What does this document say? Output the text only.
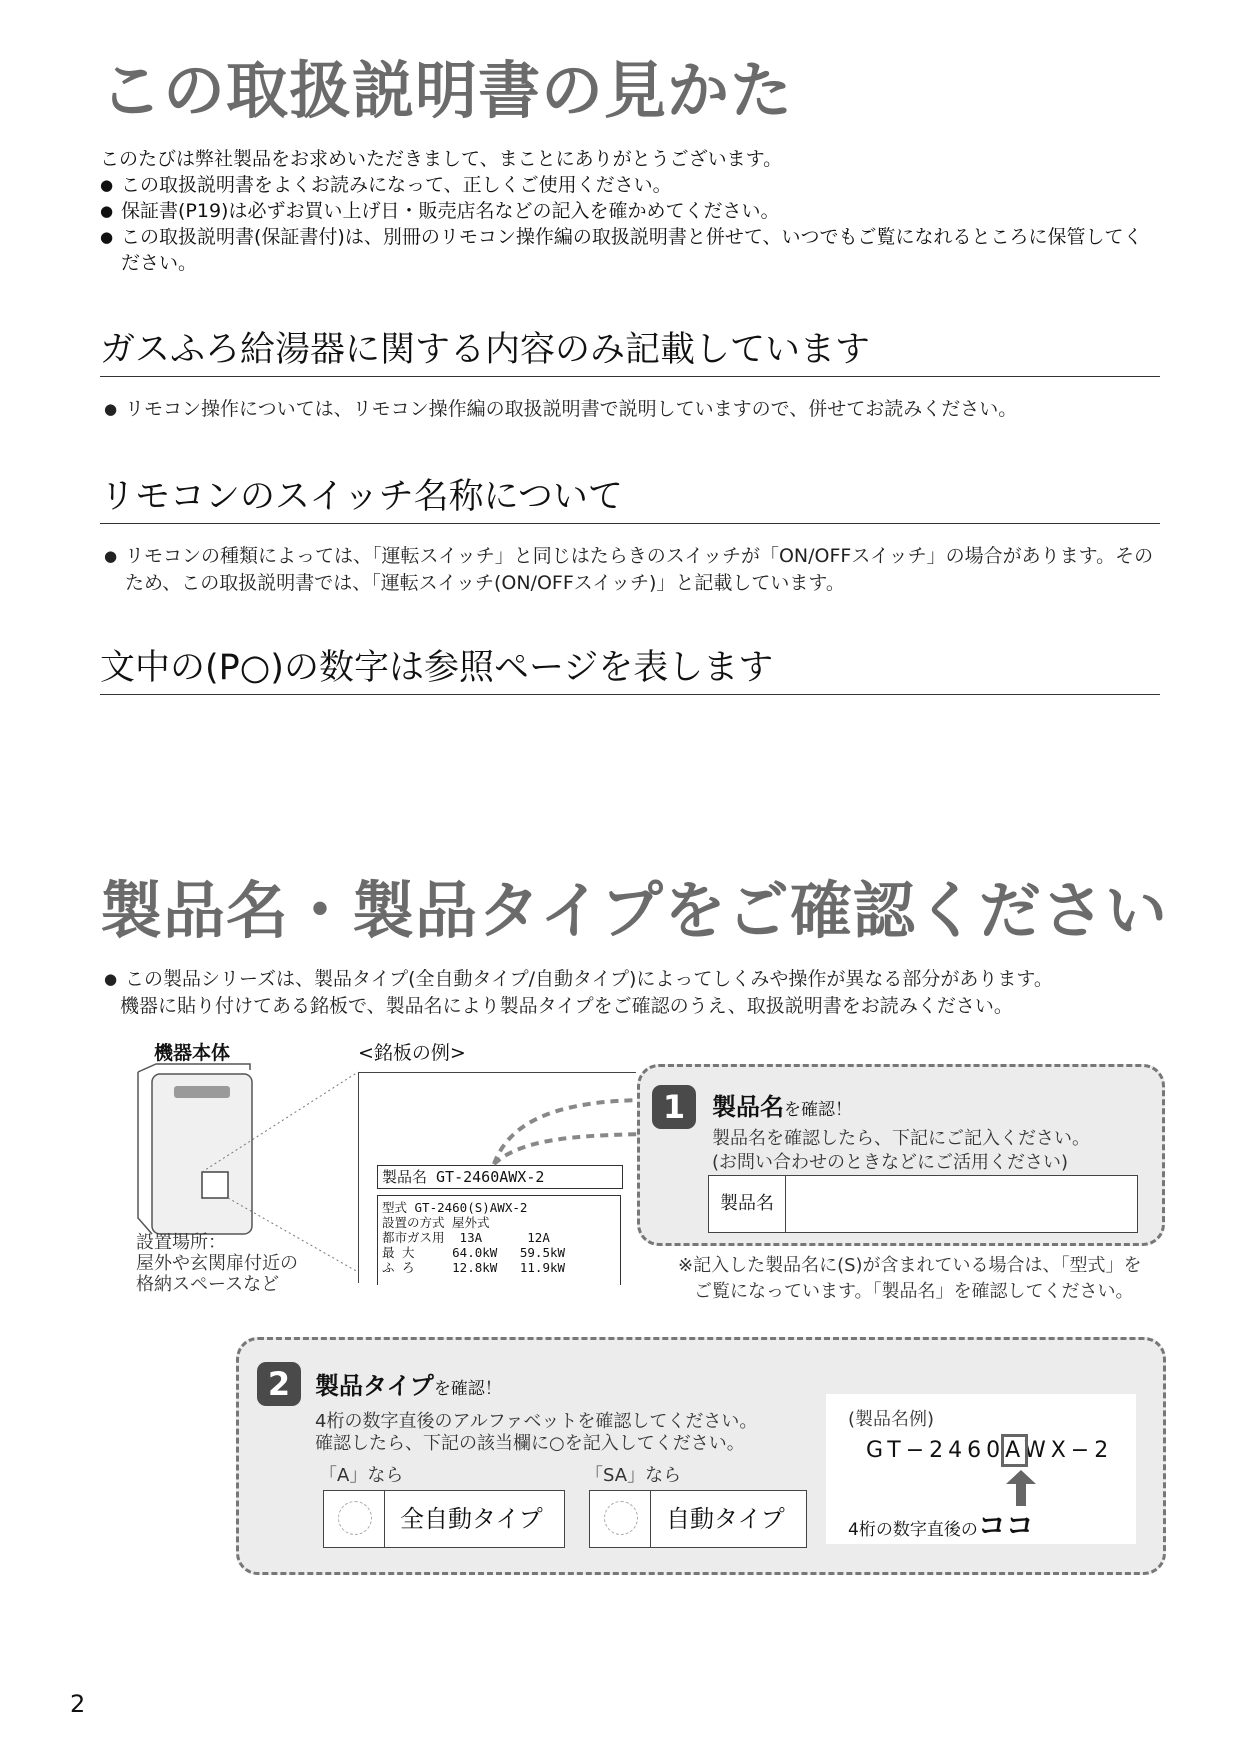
この取扱説明書の見かた
このたびは弊社製品をお求めいただきまして、まことにありがとうございます。
● この取扱説明書をよくお読みになって、正しくご使用ください。
● 保証書(P19)は必ずお買い上げ日・販売店名などの記入を確かめてください。
● この取扱説明書(保証書付)は、別冊のリモコン操作編の取扱説明書と併せて、いつでもご覧になれるところに保管してください。
ガスふろ給湯器に関する内容のみ記載しています
● リモコン操作については、リモコン操作編の取扱説明書で説明していますので、併せてお読みください。
リモコンのスイッチ名称について
● リモコンの種類によっては、「運転スイッチ」と同じはたらきのスイッチが「ON/OFFスイッチ」の場合があります。そのため、この取扱説明書では、「運転スイッチ(ON/OFFスイッチ)」と記載しています。
文中の(P○)の数字は参照ページを表します
製品名・製品タイプをご確認ください
● この製品シリーズは、製品タイプ(全自動タイプ/自動タイプ)によってしくみや操作が異なる部分があります。
機器に貼り付けてある銘板で、製品名により製品タイプをご確認のうえ、取扱説明書をお読みください。
機器本体	<銘板の例>
設置場所：
屋外や玄関扉付近の
格納スペースなど
製品名 GT-2460AWX-2
型式 GT-2460(S)AWX-2
設置の方式 屋外式
都市ガス用  13A      12A
最 大     64.0kW   59.5kW
ふ ろ     12.8kW   11.9kW
1	製品名を確認！
製品名を確認したら、下記にご記入ください。
(お問い合わせのときなどにご活用ください)
製品名
※記入した製品名に(S)が含まれている場合は、「型式」を
ご覧になっています。「製品名」を確認してください。
2	製品タイプを確認！
4桁の数字直後のアルファベットを確認してください。
確認したら、下記の該当欄に○を記入してください。
「A」なら
全自動タイプ
「SA」なら
自動タイプ
(製品名例)
GT−2460AWX−2
4桁の数字直後のココ
2
